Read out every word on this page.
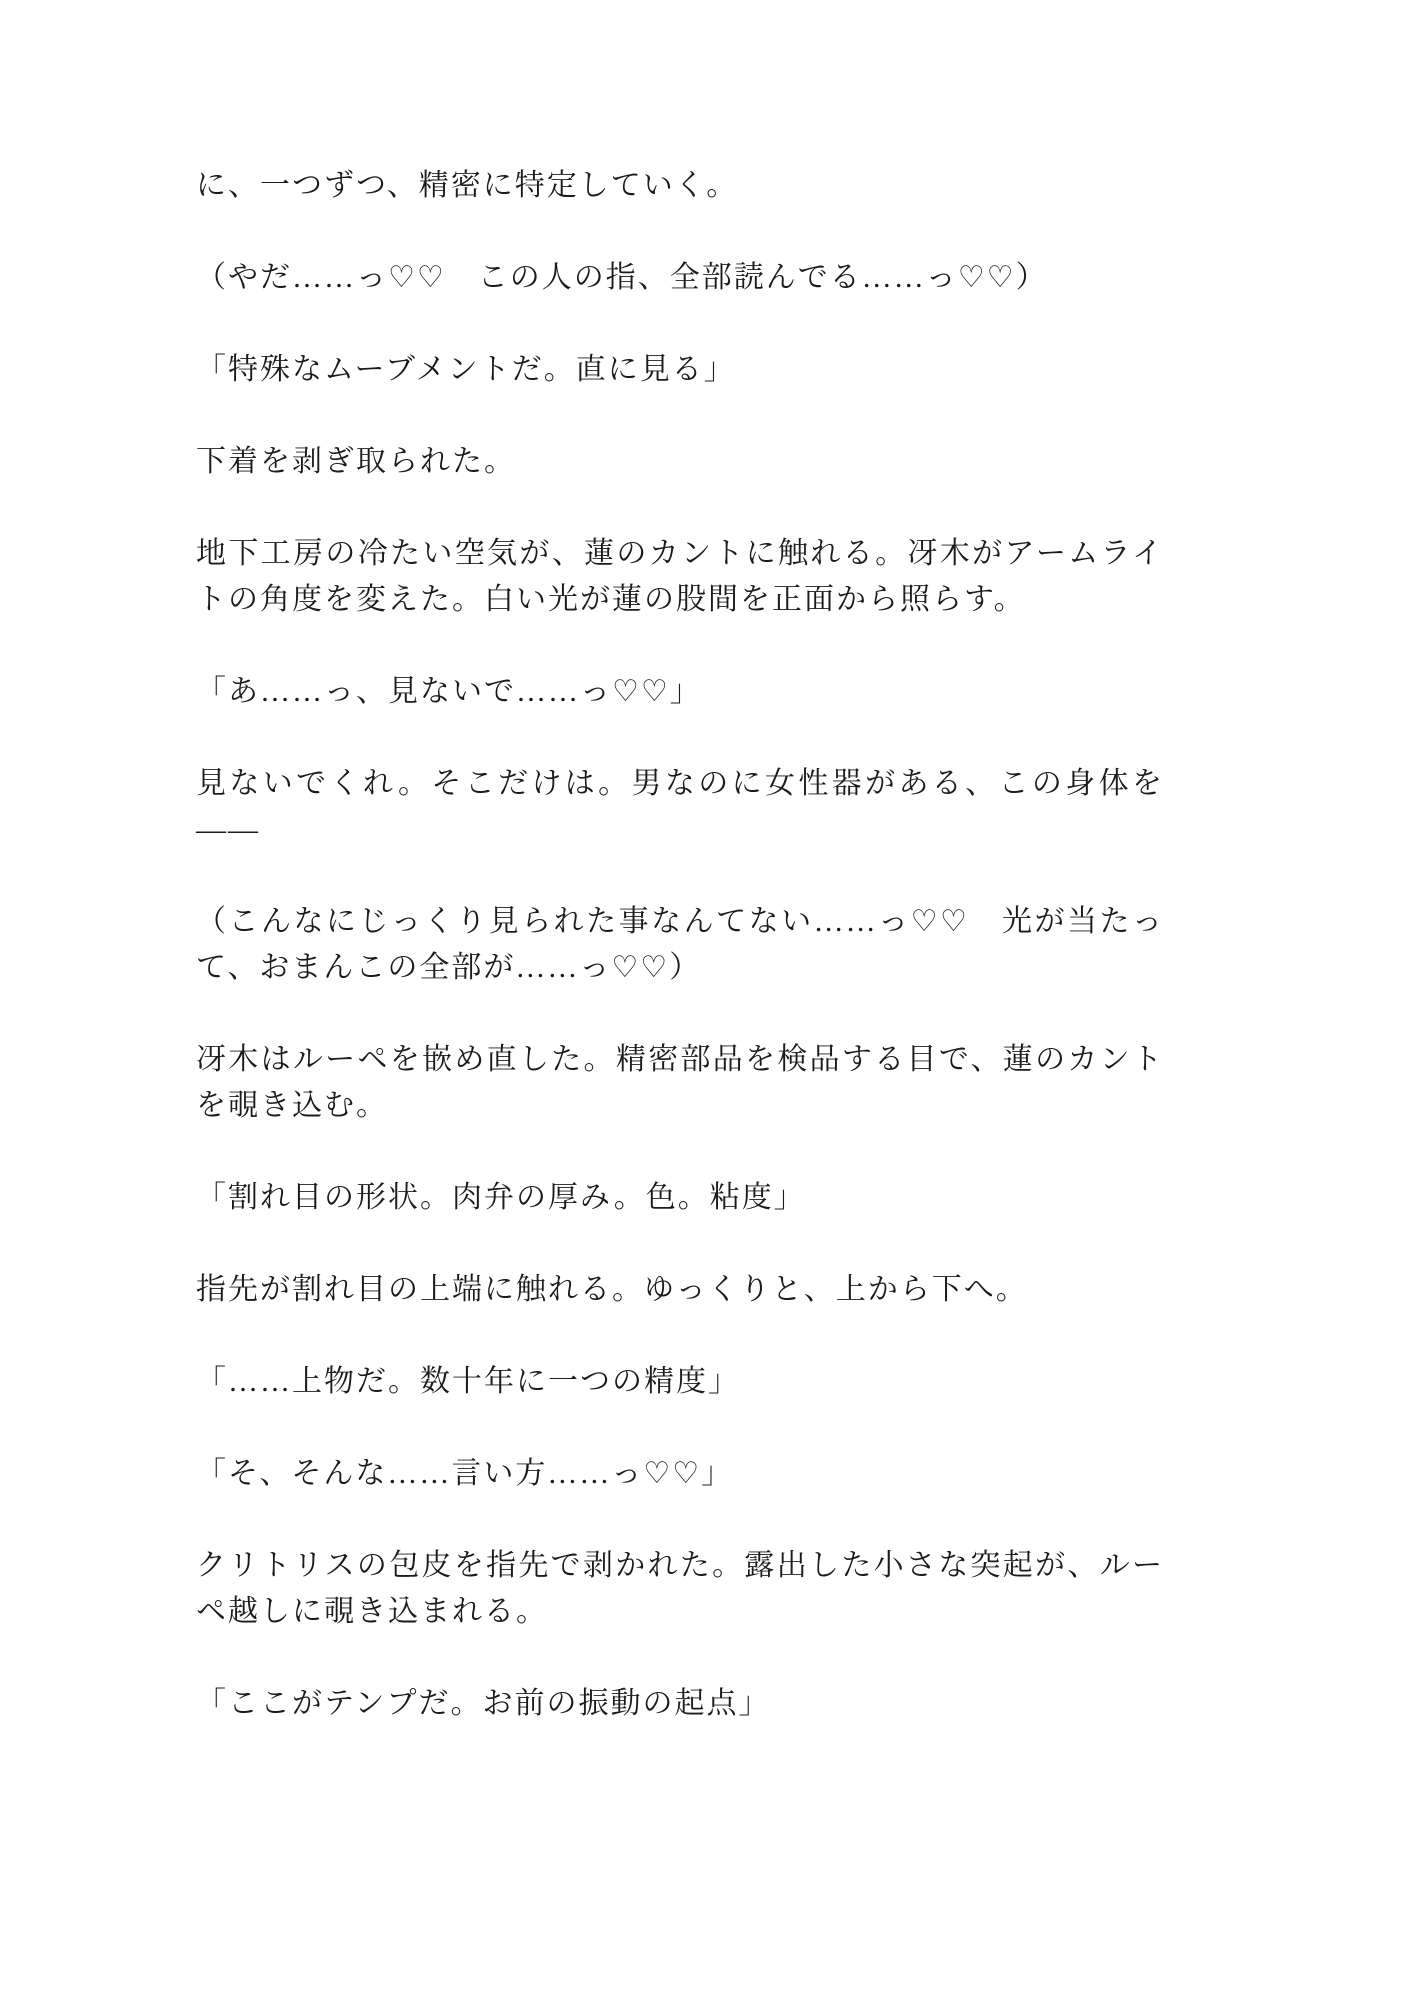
に、一つずつ、精密に特定していく。

（やだ……っ♡♡　この人の指、全部読んでる……っ♡♡）

「特殊なムーブメントだ。直に見る」

下着を剥ぎ取られた。

地下工房の冷たい空気が、蓮のカントに触れる。冴木がアームライトの角度を変えた。白い光が蓮の股間を正面から照らす。

「あ……っ、見ないで……っ♡♡」

見ないでくれ。そこだけは。男なのに女性器がある、この身体を——

（こんなにじっくり見られた事なんてない……っ♡♡　光が当たって、おまんこの全部が……っ♡♡）

冴木はルーペを嵌め直した。精密部品を検品する目で、蓮のカントを覗き込む。

「割れ目の形状。肉弁の厚み。色。粘度」

指先が割れ目の上端に触れる。ゆっくりと、上から下へ。

「……上物だ。数十年に一つの精度」

「そ、そんな……言い方……っ♡♡」

クリトリスの包皮を指先で剥かれた。露出した小さな突起が、ルーペ越しに覗き込まれる。

「ここがテンプだ。お前の振動の起点」
